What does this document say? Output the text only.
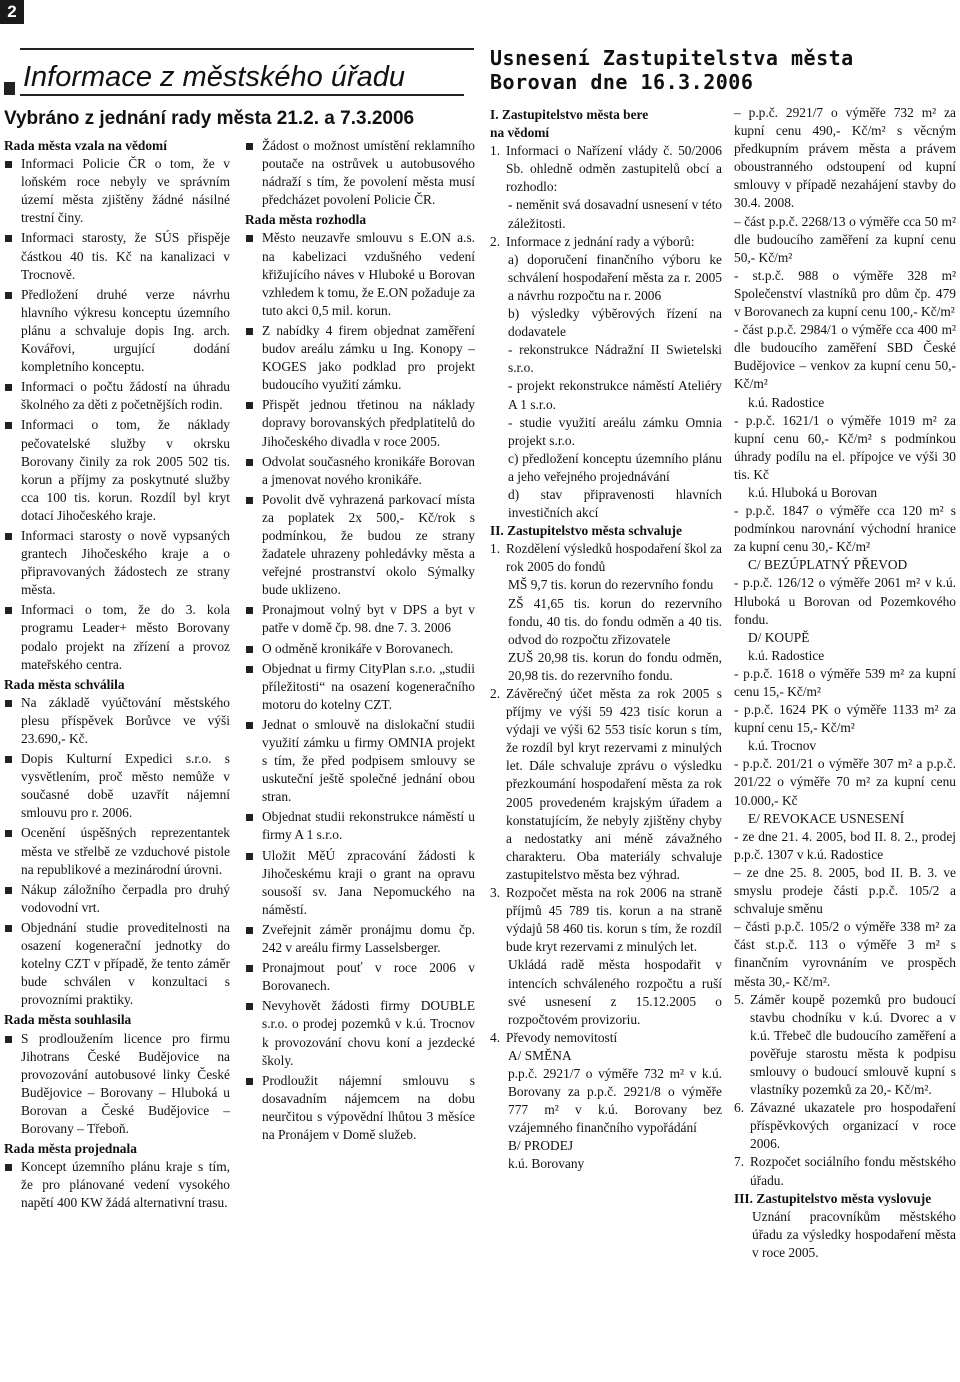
2
Informace z městského úřadu
Vybráno z jednání rady města 21.2. a 7.3.2006
Usnesení Zastupitelstva města
Borovan dne 16.3.2006
Rada města vzala na vědomí
Informaci Policie ČR o tom, že v loňském roce nebyly ve správním území města zjištěny žádné násilné trestní činy.
Informaci starosty, že SÚS přispěje částkou 40 tis. Kč na kanalizaci v Trocnově.
Předložení druhé verze návrhu hlavního výkresu konceptu územního plánu a schvaluje dopis Ing. arch. Kovářovi, urgující dodání kompletního konceptu.
Informaci o počtu žádostí na úhradu školného za děti z početnějších rodin.
Informaci o tom, že náklady pečovatelské služby v okrsku Borovany činily za rok 2005 502 tis. korun a příjmy za poskytnuté služby cca 100 tis. korun. Rozdíl byl kryt dotací Jihočeského kraje.
Informaci starosty o nově vypsaných grantech Jihočeského kraje a o připravovaných žádostech ze strany města.
Informaci o tom, že do 3. kola programu Leader+ město Borovany podalo projekt na zřízení a provoz mateřského centra.
Rada města schválila
Na základě vyúčtování městského plesu příspěvek Borůvce ve výši 23.690,- Kč.
Dopis Kulturní Expedici s.r.o. s vysvětlením, proč město nemůže v současné době uzavřít nájemní smlouvu pro r. 2006.
Ocenění úspěšných reprezentantek města ve střelbě ze vzduchové pistole na republikové a mezinárodní úrovni.
Nákup záložního čerpadla pro druhý vodovodní vrt.
Objednání studie proveditelnosti na osazení kogenerační jednotky do kotelny CZT v případě, že tento záměr bude schválen v konzultaci s provozními praktiky.
Rada města souhlasila
S prodloužením licence pro firmu Jihotrans České Budějovice na provozování autobusové linky České Budějovice – Borovany – Hluboká u Borovan a České Budějovice – Borovany – Třeboň.
Rada města projednala
Koncept územního plánu kraje s tím, že pro plánované vedení vysokého napětí 400 KW žádá alternativní trasu.
Žádost o možnost umístění reklamního poutače na ostrůvek u autobusového nádraží s tím, že povolení města musí předcházet povolení Policie ČR.
Rada města rozhodla
Město neuzavře smlouvu s E.ON a.s. na kabelizaci vzdušného vedení křižujícího náves v Hluboké u Borovan vzhledem k tomu, že E.ON požaduje za tuto akci 0,5 mil. korun.
Z nabídky 4 firem objednat zaměření budov areálu zámku u Ing. Konopy – KOGES jako podklad pro projekt budoucího využití zámku.
Přispět jednou třetinou na náklady dopravy borovanských předplatitelů do Jihočeského divadla v roce 2005.
Odvolat současného kronikáře Borovan a jmenovat nového kronikáře.
Povolit dvě vyhrazená parkovací místa za poplatek 2x 500,- Kč/rok s podmínkou, že budou ze strany žadatele uhrazeny pohledávky města a veřejné prostranství okolo Sýmalky bude uklizeno.
Pronajmout volný byt v DPS a byt v patře v domě čp. 98. dne 7. 3. 2006
O odměně kronikáře v Borovanech.
Objednat u firmy CityPlan s.r.o. „studii příležitosti“ na osazení kogeneračního motoru do kotelny CZT.
Jednat o smlouvě na dislokační studii využití zámku u firmy OMNIA projekt s tím, že před podpisem smlouvy se uskuteční ještě společné jednání obou stran.
Objednat studii rekonstrukce náměstí u firmy A 1 s.r.o.
Uložit MěÚ zpracování žádosti k Jihočeskému kraji o grant na opravu sousoší sv. Jana Nepomuckého na náměstí.
Zveřejnit záměr pronájmu domu čp. 242 v areálu firmy Lasselsberger.
Pronajmout pouť v roce 2006 v Borovanech.
Nevyhovět žádosti firmy DOUBLE s.r.o. o prodej pozemků v k.ú. Trocnov k provozování chovu koní a jezdecké školy.
Prodloužit nájemní smlouvu s dosavadním nájemcem na dobu neurčitou s výpovědní lhůtou 3 měsíce na Pronájem v Domě služeb.
I. Zastupitelstvo města bere
na vědomí
1. Informaci o Nařízení vlády č. 50/2006 Sb. ohledně odměn zastupitelů obcí a rozhodlo:
- neměnit svá dosavadní usnesení v této záležitosti.
2. Informace z jednání rady a výborů:
a) doporučení finančního výboru ke schválení hospodaření města za r. 2005 a návrhu rozpočtu na r. 2006
b) výsledky výběrových řízení na dodavatele
- rekonstrukce Nádražní II Swietelski s.r.o.
- projekt rekonstrukce náměstí Ateliéry A 1 s.r.o.
- studie využití areálu zámku Omnia projekt s.r.o.
c) předložení konceptu územního plánu a jeho veřejného projednávání
d) stav připravenosti hlavních investičních akcí
II. Zastupitelstvo města schvaluje
1. Rozdělení výsledků hospodaření škol za rok 2005 do fondů
MŠ 9,7 tis. korun do rezervního fondu
ZŠ 41,65 tis. korun do rezervního fondu, 40 tis. do fondu odměn a 40 tis. odvod do rozpočtu zřizovatele
ZUŠ 20,98 tis. korun do fondu odměn, 20,98 tis. do rezervního fondu.
2. Závěrečný účet města za rok 2005 s příjmy ve výši 59 423 tisíc korun a výdaji ve výši 62 553 tisíc korun s tím, že rozdíl byl kryt rezervami z minulých let. Dále schvaluje zprávu o výsledku přezkoumání hospodaření města za rok 2005 provedeném krajským úřadem a konstatujícím, že nebyly zjištěny chyby a nedostatky ani méně závažného charakteru. Oba materiály schvaluje zastupitelstvo města bez výhrad.
3. Rozpočet města na rok 2006 na straně příjmů 45 789 tis. korun a na straně výdajů 58 460 tis. korun s tím, že rozdíl bude kryt rezervami z minulých let.
Ukládá radě města hospodařit v intencích schváleného rozpočtu a ruší své usnesení z 15.12.2005 o rozpočtovém provizoriu.
4. Převody nemovitostí
A/ SMĚNA
p.p.č. 2921/7 o výměře 732 m² v k.ú. Borovany za p.p.č. 2921/8 o výměře 777 m² v k.ú. Borovany bez vzájemného finančního vypořádání
B/ PRODEJ
k.ú. Borovany
– p.p.č. 2921/7 o výměře 732 m² za kupní cenu 490,- Kč/m² s věcným předkupním právem města a právem oboustranného odstoupení od kupní smlouvy v případě nezahájení stavby do 30.4. 2008.
– část p.p.č. 2268/13 o výměře cca 50 m² dle budoucího zaměření za kupní cenu 50,- Kč/m²
- st.p.č. 988 o výměře 328 m² Společenství vlastníků pro dům čp. 479 v Borovanech za kupní cenu 100,- Kč/m²
- část p.p.č. 2984/1 o výměře cca 400 m² dle budoucího zaměření SBD České Budějovice – venkov za kupní cenu 50,- Kč/m²
k.ú. Radostice
- p.p.č. 1621/1 o výměře 1019 m² za kupní cenu 60,- Kč/m² s podmínkou úhrady podílu na el. přípojce ve výši 30 tis. Kč
k.ú. Hluboká u Borovan
- p.p.č. 1847 o výměře cca 120 m² s podmínkou narovnání východní hranice za kupní cenu 30,- Kč/m²
C/ BEZÚPLATNÝ PŘEVOD
- p.p.č. 126/12 o výměře 2061 m² v k.ú. Hluboká u Borovan od Pozemkového fondu.
D/ KOUPĚ
k.ú. Radostice
- p.p.č. 1618 o výměře 539 m² za kupní cenu 15,- Kč/m²
- p.p.č. 1624 PK o výměře 1133 m² za kupní cenu 15,- Kč/m²
k.ú. Trocnov
- p.p.č. 201/21 o výměře 307 m² a p.p.č. 201/22 o výměře 70 m² za kupní cenu 10.000,- Kč
E/ REVOKACE USNESENÍ
- ze dne 21. 4. 2005, bod II. 8. 2., prodej p.p.č. 1307 v k.ú. Radostice
– ze dne 25. 8. 2005, bod II. B. 3. ve smyslu prodeje části p.p.č. 105/2 a schvaluje směnu
– části p.p.č. 105/2 o výměře 338 m² za část st.p.č. 113 o výměře 3 m² s finančním vyrovnáním ve prospěch města 30,- Kč/m².
5. Záměr koupě pozemků pro budoucí stavbu chodníku v k.ú. Dvorec a v k.ú. Třebeč dle budoucího zaměření a pověřuje starostu města k podpisu smlouvy o budoucí smlouvě kupní s vlastníky pozemků za 20,- Kč/m².
6. Závazné ukazatele pro hospodaření příspěvkových organizací v roce 2006.
7. Rozpočet sociálního fondu městského úřadu.
III. Zastupitelstvo města vyslovuje
Uznání pracovníkům městského úřadu za výsledky hospodaření města v roce 2005.
